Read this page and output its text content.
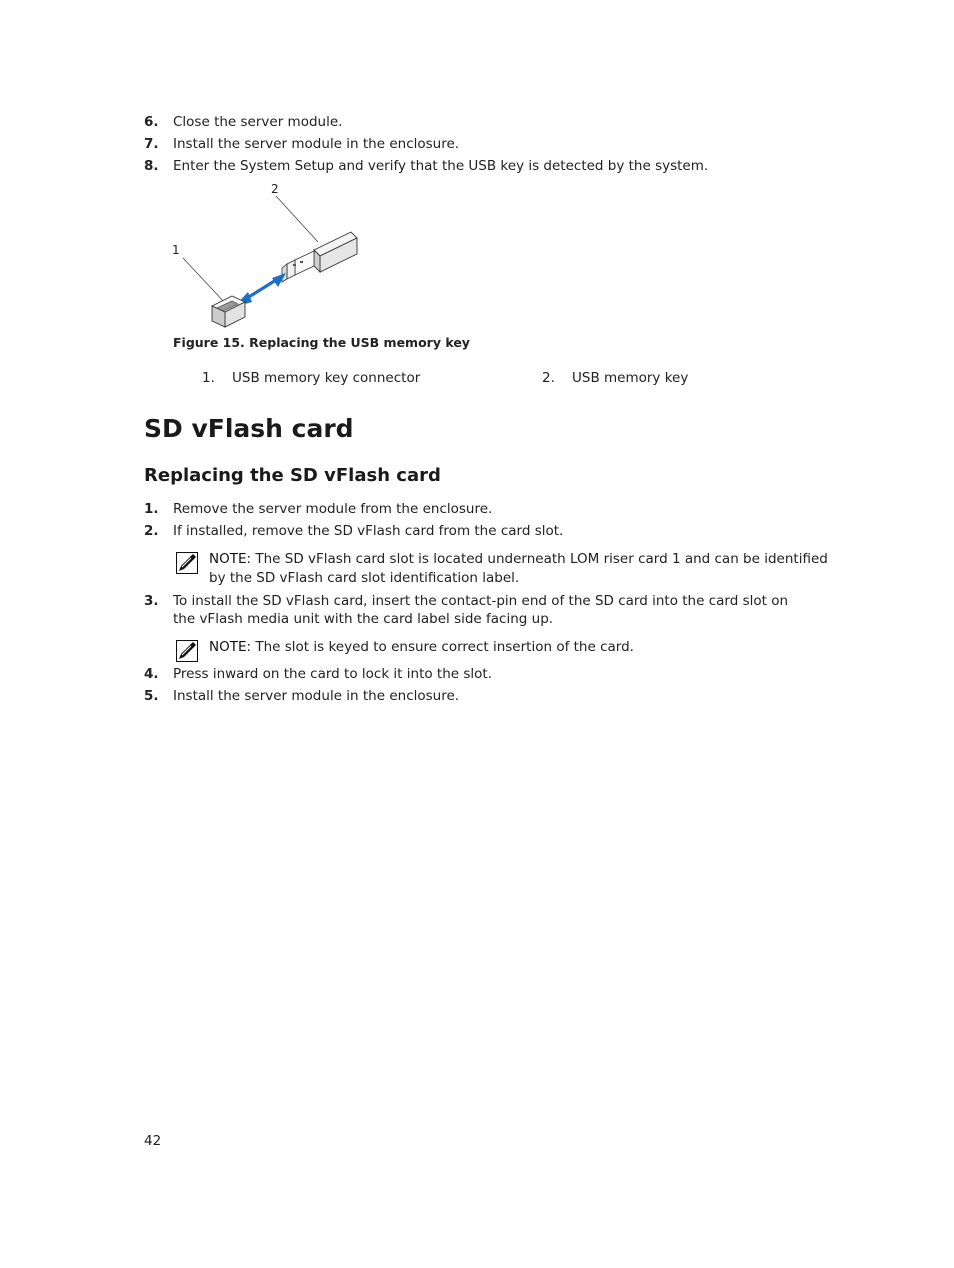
6. Close the server module.
7. Install the server module in the enclosure.
8. Enter the System Setup and verify that the USB key is detected by the system.
2
1
Figure 15. Replacing the USB memory key
1. USB memory key connector	2. USB memory key
SD vFlash card
Replacing the SD vFlash card
1. Remove the server module from the enclosure.
2. If installed, remove the SD vFlash card from the card slot.
NOTE: The SD vFlash card slot is located underneath LOM riser card 1 and can be identified by the SD vFlash card slot identification label.
3. To install the SD vFlash card, insert the contact-pin end of the SD card into the card slot on the vFlash media unit with the card label side facing up.
NOTE: The slot is keyed to ensure correct insertion of the card.
4. Press inward on the card to lock it into the slot.
5. Install the server module in the enclosure.
42
